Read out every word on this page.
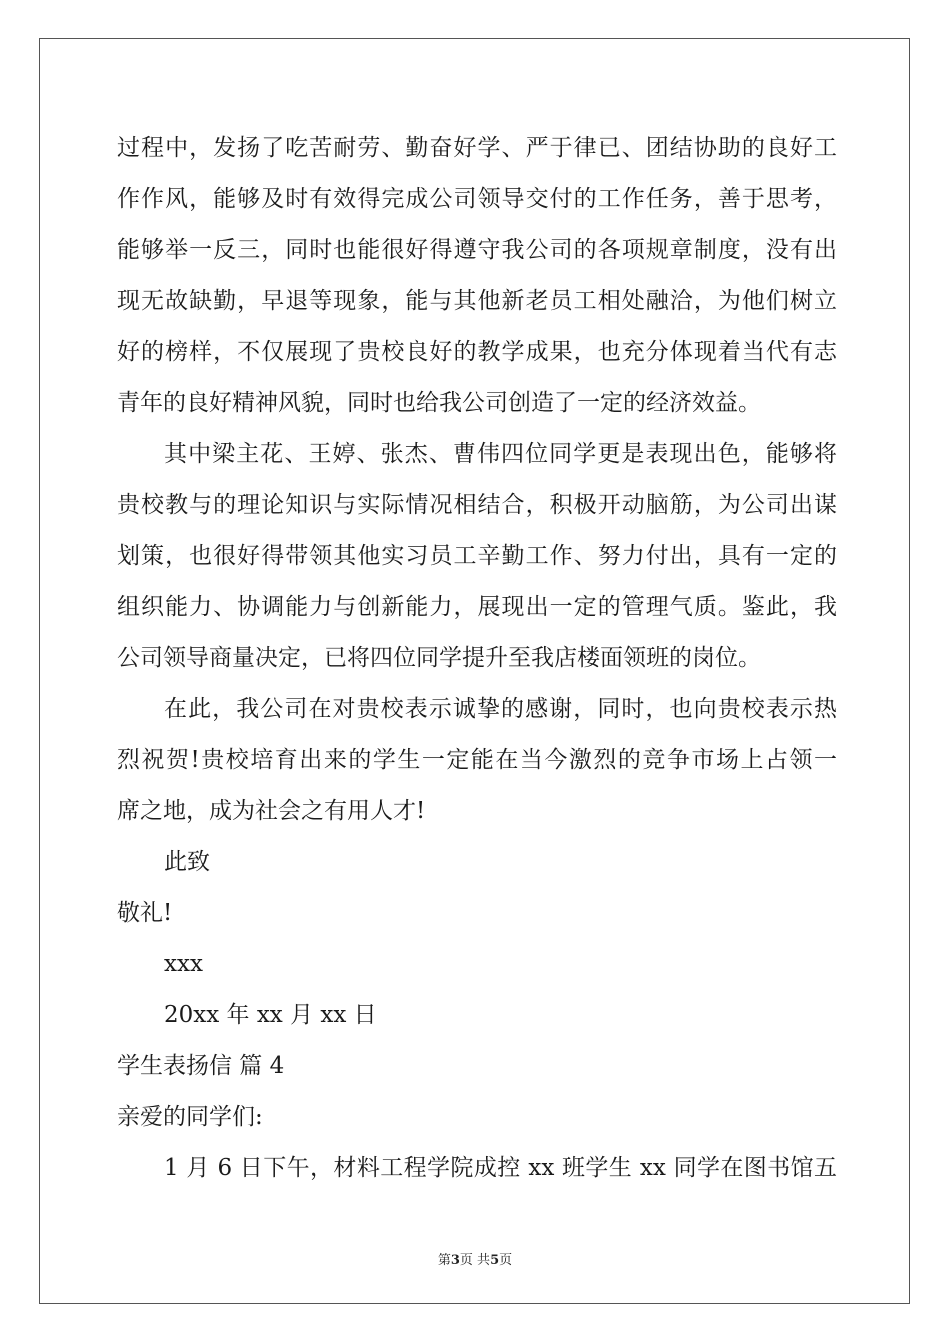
过程中，发扬了吃苦耐劳、勤奋好学、严于律已、团结协助的良好工
作作风，能够及时有效得完成公司领导交付的工作任务，善于思考，
能够举一反三，同时也能很好得遵守我公司的各项规章制度，没有出
现无故缺勤，早退等现象，能与其他新老员工相处融洽，为他们树立
好的榜样，不仅展现了贵校良好的教学成果，也充分体现着当代有志
青年的良好精神风貌，同时也给我公司创造了一定的经济效益。
其中梁主花、王婷、张杰、曹伟四位同学更是表现出色，能够将
贵校教与的理论知识与实际情况相结合，积极开动脑筋，为公司出谋
划策，也很好得带领其他实习员工辛勤工作、努力付出，具有一定的
组织能力、协调能力与创新能力，展现出一定的管理气质。鉴此，我
公司领导商量决定，已将四位同学提升至我店楼面领班的岗位。
在此，我公司在对贵校表示诚挚的感谢，同时，也向贵校表示热
烈祝贺!贵校培育出来的学生一定能在当今激烈的竞争市场上占领一
席之地，成为社会之有用人才!
此致
敬礼!
xxx
20xx 年 xx 月 xx 日
学生表扬信 篇 4
亲爱的同学们:
1 月 6 日下午，材料工程学院成控 xx 班学生 xx 同学在图书馆五
第3页 共5页
